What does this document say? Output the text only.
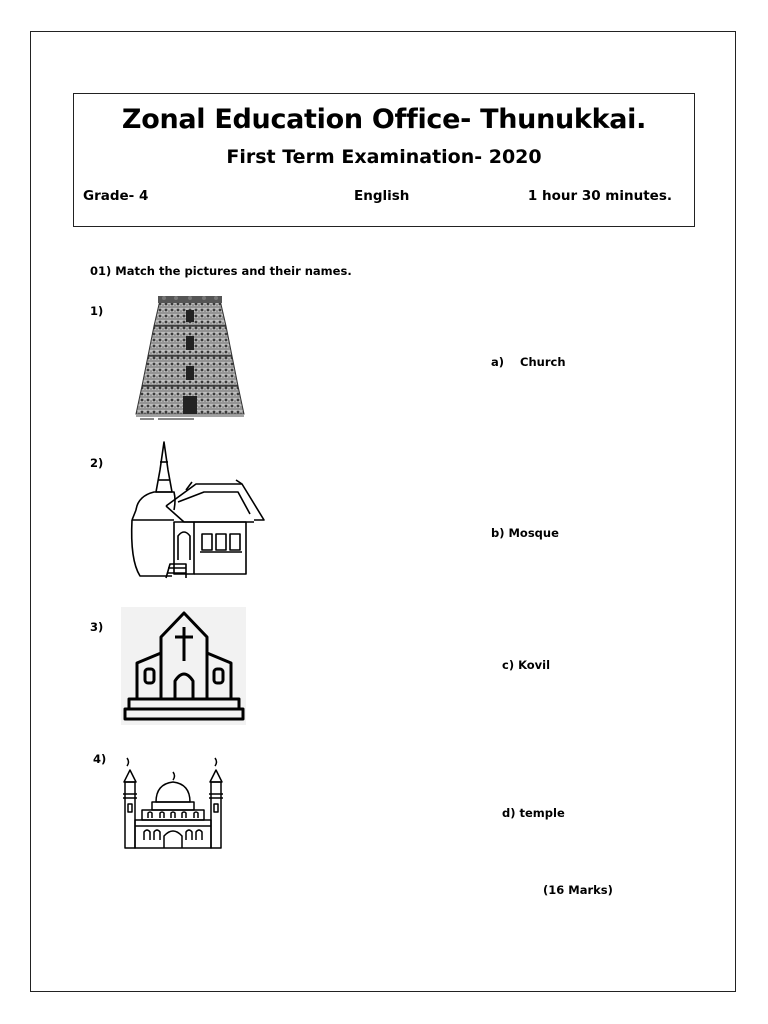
Zonal Education Office- Thunukkai.
First Term Examination- 2020
Grade- 4	English	1 hour 30 minutes.
01) Match the pictures and their names.
1)
2)
3)
4)
a)    Church
b) Mosque
c) Kovil
d) temple
(16 Marks)
